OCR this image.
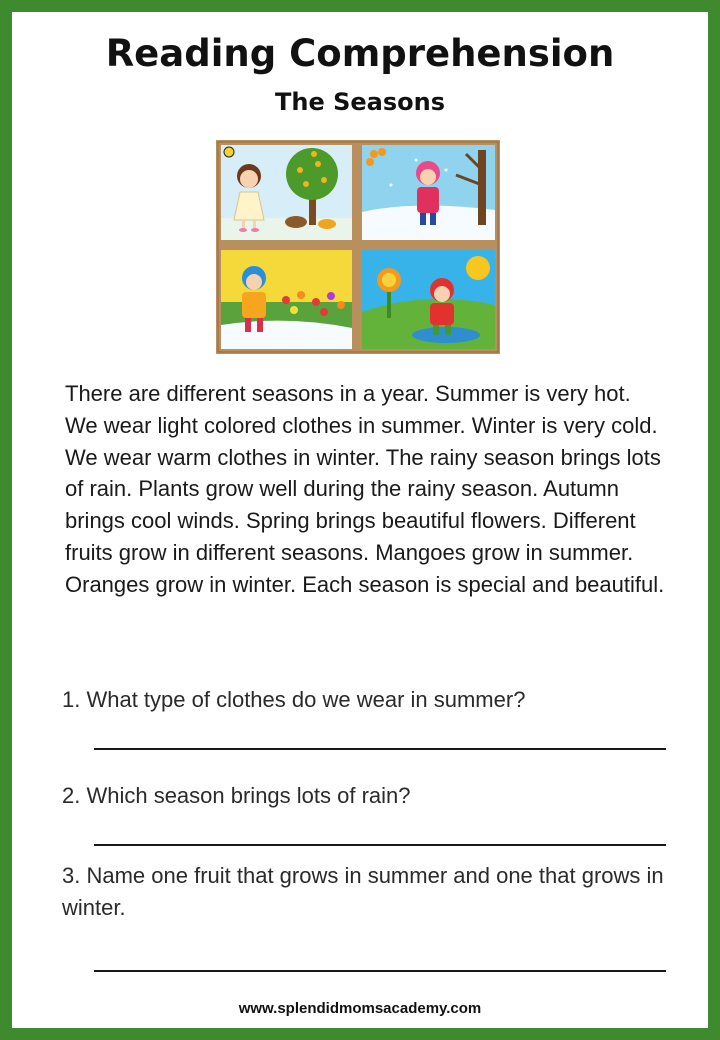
Reading Comprehension
The Seasons
There are different seasons in a year. Summer is very hot. We wear light colored clothes in summer. Winter is very cold. We wear warm clothes in winter. The rainy season brings lots of rain. Plants grow well during the rainy season. Autumn brings cool winds. Spring brings beautiful flowers. Different fruits grow in different seasons. Mangoes grow in summer. Oranges grow in winter. Each season is special and beautiful.
1. What type of clothes do we wear in summer?
2. Which season brings lots of rain?
3. Name one fruit that grows in summer and one that grows in winter.
www.splendidmomsacademy.com
